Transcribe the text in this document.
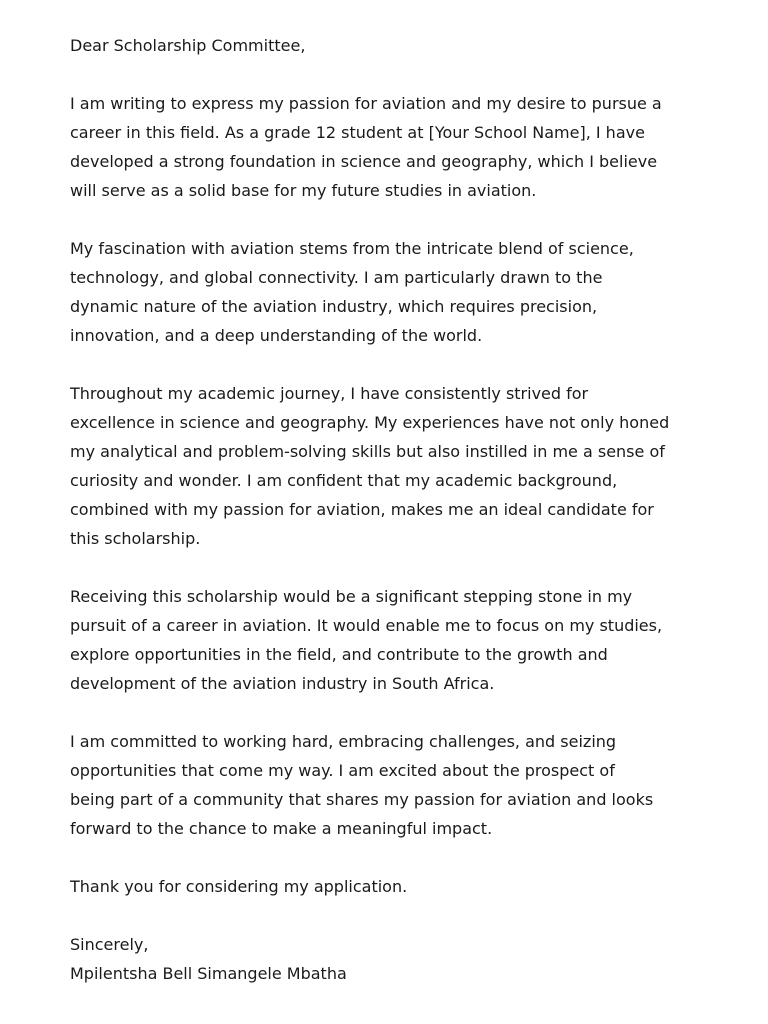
Dear Scholarship Committee,
I am writing to express my passion for aviation and my desire to pursue a
career in this field. As a grade 12 student at [Your School Name], I have
developed a strong foundation in science and geography, which I believe
will serve as a solid base for my future studies in aviation.
My fascination with aviation stems from the intricate blend of science,
technology, and global connectivity. I am particularly drawn to the
dynamic nature of the aviation industry, which requires precision,
innovation, and a deep understanding of the world.
Throughout my academic journey, I have consistently strived for
excellence in science and geography. My experiences have not only honed
my analytical and problem-solving skills but also instilled in me a sense of
curiosity and wonder. I am confident that my academic background,
combined with my passion for aviation, makes me an ideal candidate for
this scholarship.
Receiving this scholarship would be a significant stepping stone in my
pursuit of a career in aviation. It would enable me to focus on my studies,
explore opportunities in the field, and contribute to the growth and
development of the aviation industry in South Africa.
I am committed to working hard, embracing challenges, and seizing
opportunities that come my way. I am excited about the prospect of
being part of a community that shares my passion for aviation and looks
forward to the chance to make a meaningful impact.
Thank you for considering my application.
Sincerely,
Mpilentsha Bell Simangele Mbatha
